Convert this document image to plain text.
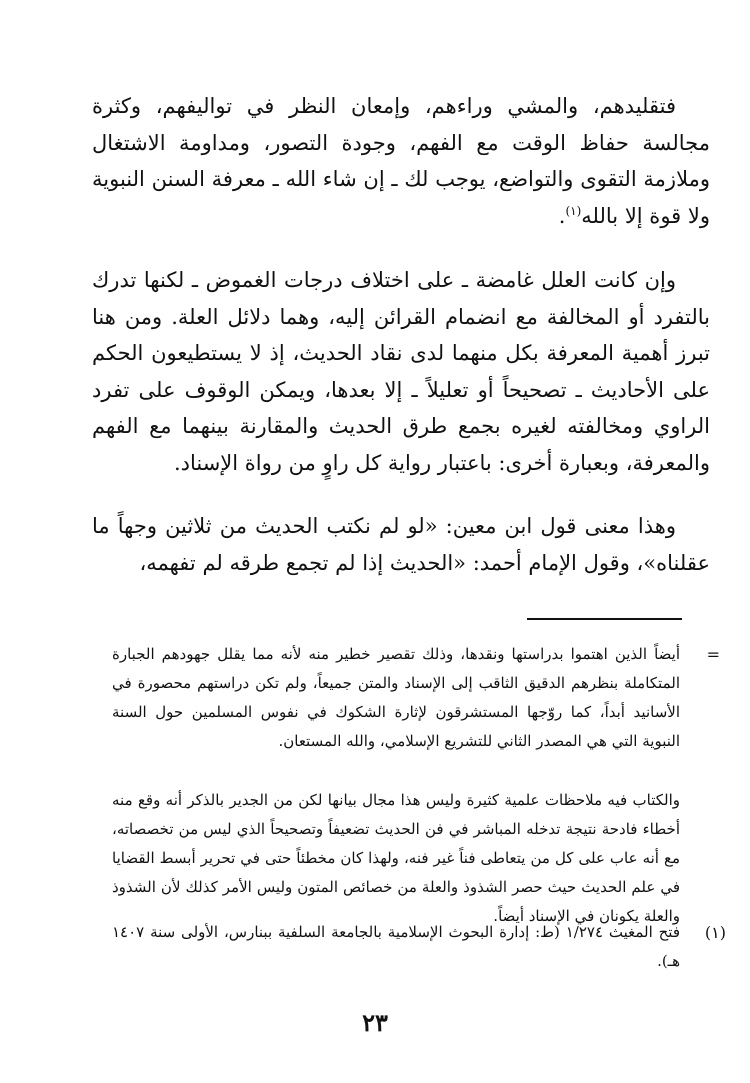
فتقليدهم، والمشي وراءهم، وإمعان النظر في تواليفهم، وكثرة مجالسة حفاظ الوقت مع الفهم، وجودة التصور، ومداومة الاشتغال وملازمة التقوى والتواضع، يوجب لك ـ إن شاء الله ـ معرفة السنن النبوية ولا قوة إلا بالله$^{(١)}$.

وإن كانت العلل غامضة ـ على اختلاف درجات الغموض ـ لكنها تدرك بالتفرد أو المخالفة مع انضمام القرائن إليه، وهما دلائل العلة. ومن هنا تبرز أهمية المعرفة بكل منهما لدى نقاد الحديث، إذ لا يستطيعون الحكم على الأحاديث ـ تصحيحاً أو تعليلاً ـ إلا بعدها، ويمكن الوقوف على تفرد الراوي ومخالفته لغيره بجمع طرق الحديث والمقارنة بينهما مع الفهم والمعرفة، وبعبارة أخرى: باعتبار رواية كل راوٍ من رواة الإسناد.

وهذا معنى قول ابن معين: «لو لم نكتب الحديث من ثلاثين وجهاً ما عقلناه»، وقول الإمام أحمد: «الحديث إذا لم تجمع طرقه لم تفهمه،

=

أيضاً الذين اهتموا بدراستها ونقدها، وذلك تقصير خطير منه لأنه مما يقلل جهودهم الجبارة المتكاملة بنظرهم الدقيق الثاقب إلى الإسناد والمتن جميعاً، ولم تكن دراستهم محصورة في الأسانيد أبداً، كما روّجها المستشرقون لإثارة الشكوك في نفوس المسلمين حول السنة النبوية التي هي المصدر الثاني للتشريع الإسلامي، والله المستعان.

والكتاب فيه ملاحظات علمية كثيرة وليس هذا مجال بيانها لكن من الجدير بالذكر أنه وقع منه أخطاء فادحة نتيجة تدخله المباشر في فن الحديث تضعيفاً وتصحيحاً الذي ليس من تخصصاته، مع أنه عاب على كل من يتعاطى فناً غير فنه، ولهذا كان مخطئاً حتى في تحرير أبسط القضايا في علم الحديث حيث حصر الشذوذ والعلة من خصائص المتون وليس الأمر كذلك لأن الشذوذ والعلة يكونان في الإسناد أيضاً.

(١)

فتح المغيث ١/٢٧٤ (ط: إدارة البحوث الإسلامية بالجامعة السلفية ببنارس، الأولى سنة ١٤٠٧ هـ).

٢٣
